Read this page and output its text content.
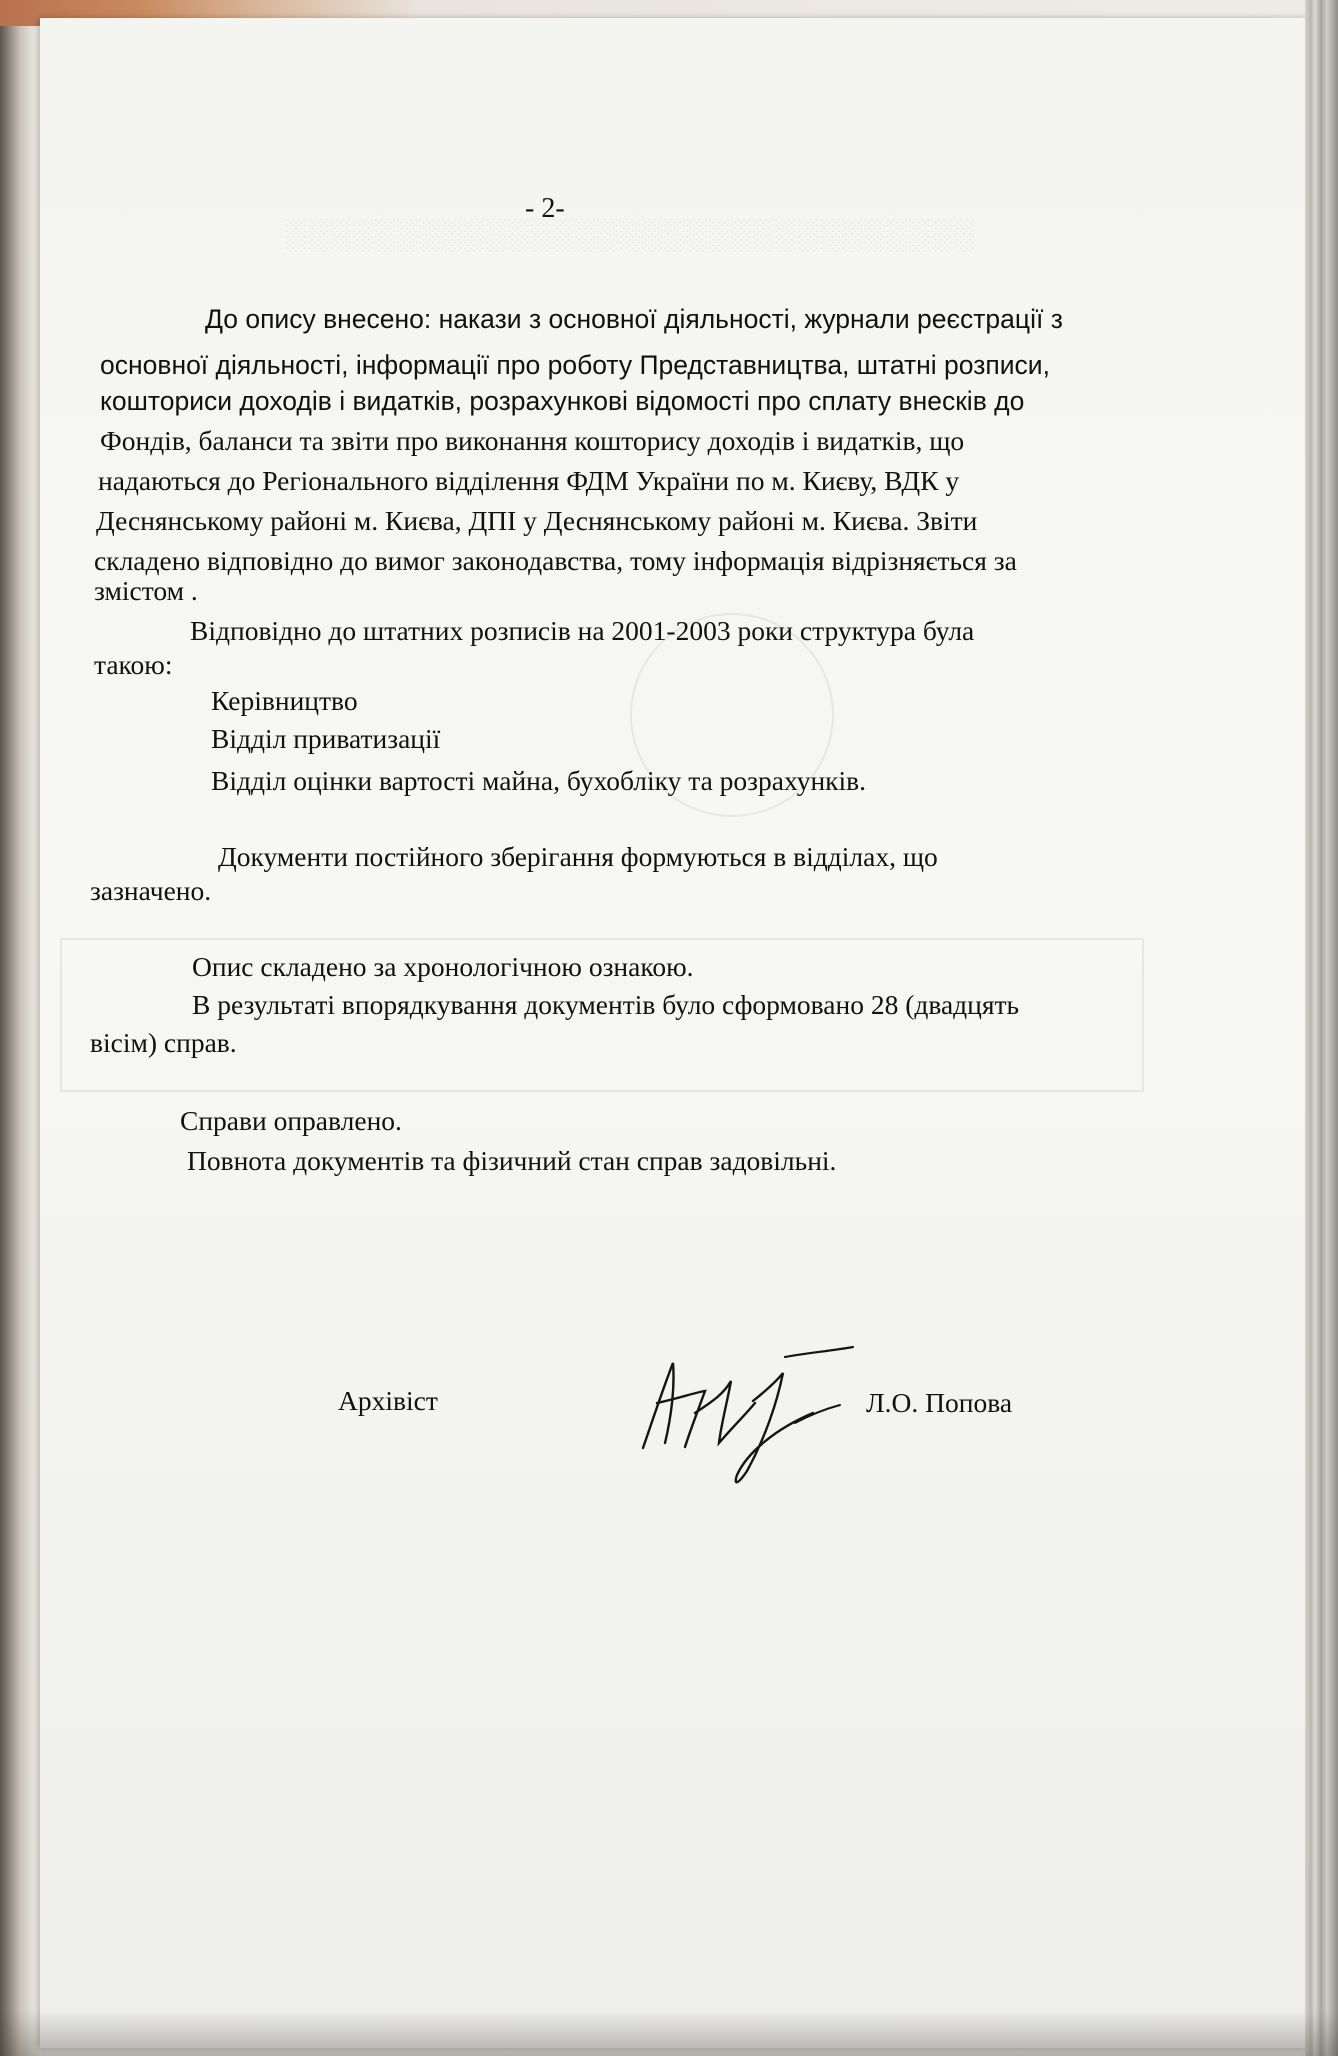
░░░░░░░░░░░░░░░░░░░░░░░░░░░░░░░
- 2-
До опису внесено: накази з основної діяльності, журнали реєстрації з
основної діяльності, інформації про роботу Представництва, штатні розписи,
кошториси доходів і видатків, розрахункові відомості про сплату внесків до
Фондів, баланси та звіти про виконання кошторису доходів і видатків, що
надаються до Регіонального відділення ФДМ України по м. Києву, ВДК у
Деснянському районі м. Києва, ДПІ у Деснянському районі м. Києва. Звіти
складено відповідно до вимог законодавства, тому інформація відрізняється за
змістом .
Відповідно до штатних розписів на 2001-2003 роки структура була
такою:
Керівництво
Відділ приватизації
Відділ оцінки вартості майна, бухобліку та розрахунків.
Документи постійного зберігання формуються в відділах, що
зазначено.
Опис складено за хронологічною ознакою.
В результаті впорядкування документів було сформовано 28 (двадцять
вісім) справ.
Справи оправлено.
Повнота документів та фізичний стан справ задовільні.
Архівіст	Л.О. Попова
